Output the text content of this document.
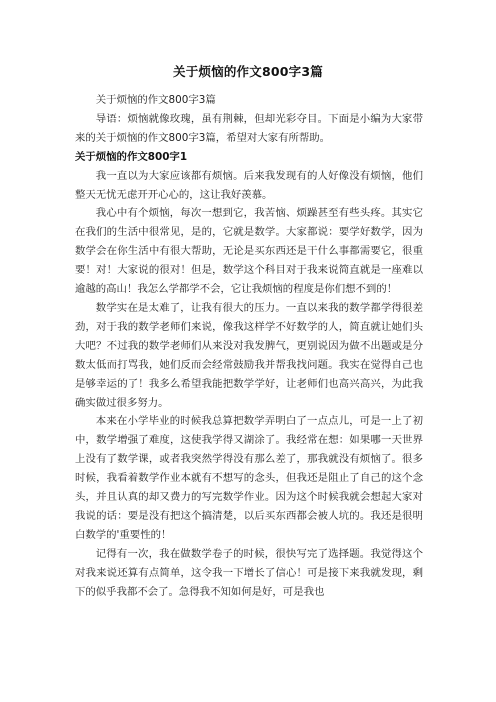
关于烦恼的作文800字3篇

关于烦恼的作文800字3篇

导语：烦恼就像玫瑰，虽有荆棘，但却光彩夺目。下面是小编为大家带来的关于烦恼的作文800字3篇，希望对大家有所帮助。

关于烦恼的作文800字1

我一直以为大家应该都有烦恼。后来我发现有的人好像没有烦恼，他们整天无忧无虑开开心心的，这让我好羡慕。

我心中有个烦恼，每次一想到它，我苦恼、烦躁甚至有些头疼。其实它在我们的生活中很常见，是的，它就是数学。大家都说：要学好数学，因为数学会在你生活中有很大帮助，无论是买东西还是干什么事都需要它，很重要！对！大家说的很对！但是，数学这个科目对于我来说简直就是一座难以逾越的高山！我怎么学都学不会，它让我烦恼的程度是你们想不到的！

数学实在是太难了，让我有很大的压力。一直以来我的数学都学得很差劲，对于我的数学老师们来说，像我这样学不好数学的人，简直就让她们头大吧？不过我的数学老师们从来没对我发脾气，更别说因为做不出题或是分数太低而打骂我，她们反而会经常鼓励我并帮我找问题。我实在觉得自己也是够幸运的了！我多么希望我能把数学学好，让老师们也高兴高兴，为此我确实做过很多努力。

本来在小学毕业的时候我总算把数学弄明白了一点点儿，可是一上了初中，数学增强了难度，这使我学得又湖涂了。我经常在想：如果哪一天世界上没有了数学课，或者我突然学得没有那么差了，那我就没有烦恼了。很多时候，我看着数学作业本就有不想写的念头，但我还是阻止了自己的这个念头，并且认真的却又费力的写完数学作业。因为这个时候我就会想起大家对我说的话：要是没有把这个搞清楚，以后买东西都会被人坑的。我还是很明白数学的'重要性的！

记得有一次，我在做数学卷子的时候，很快写完了选择题。我觉得这个对我来说还算有点简单，这令我一下增长了信心！可是接下来我就发现，剩下的似乎我都不会了。急得我不知如何是好，可是我也
